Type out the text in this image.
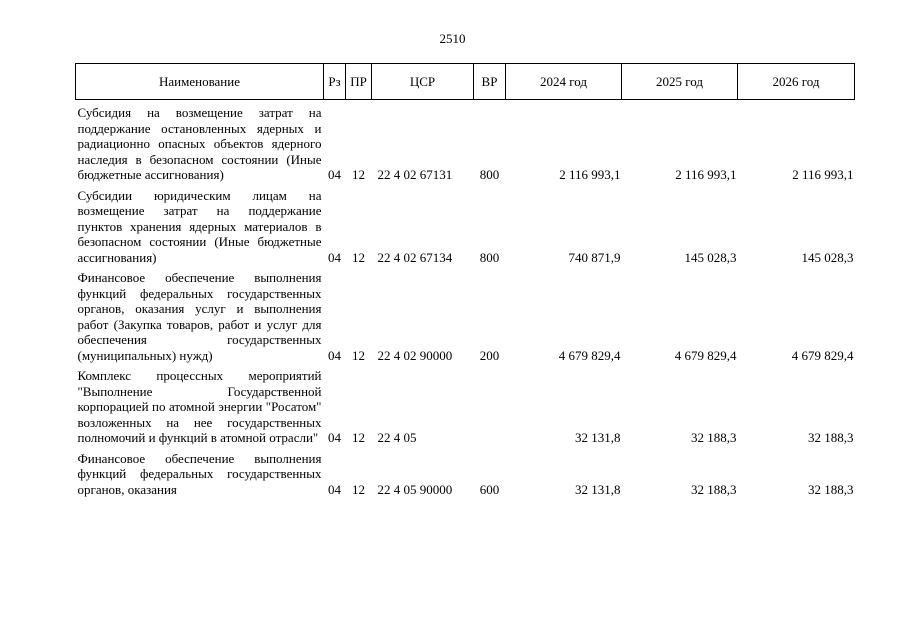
2510
Наименование	Рз	ПР	ЦСР	ВР	2024 год	2025 год	2026 год
Субсидия на возмещение затрат на поддержание остановленных ядерных и радиационно опасных объектов ядерного наследия в безопасном состоянии (Иные бюджетные ассигнования)	04	12	22 4 02 67131	800	2 116 993,1	2 116 993,1	2 116 993,1
Субсидии юридическим лицам на возмещение затрат на поддержание пунктов хранения ядерных материалов в безопасном состоянии (Иные бюджетные ассигнования)	04	12	22 4 02 67134	800	740 871,9	145 028,3	145 028,3
Финансовое обеспечение выполнения функций федеральных государственных органов, оказания услуг и выполнения работ (Закупка товаров, работ и услуг для обеспечения государственных (муниципальных) нужд)	04	12	22 4 02 90000	200	4 679 829,4	4 679 829,4	4 679 829,4
Комплекс процессных мероприятий "Выполнение Государственной корпорацией по атомной энергии "Росатом" возложенных на нее государственных полномочий и функций в атомной отрасли"	04	12	22 4 05		32 131,8	32 188,3	32 188,3
Финансовое обеспечение выполнения функций федеральных государственных органов, оказания	04	12	22 4 05 90000	600	32 131,8	32 188,3	32 188,3
